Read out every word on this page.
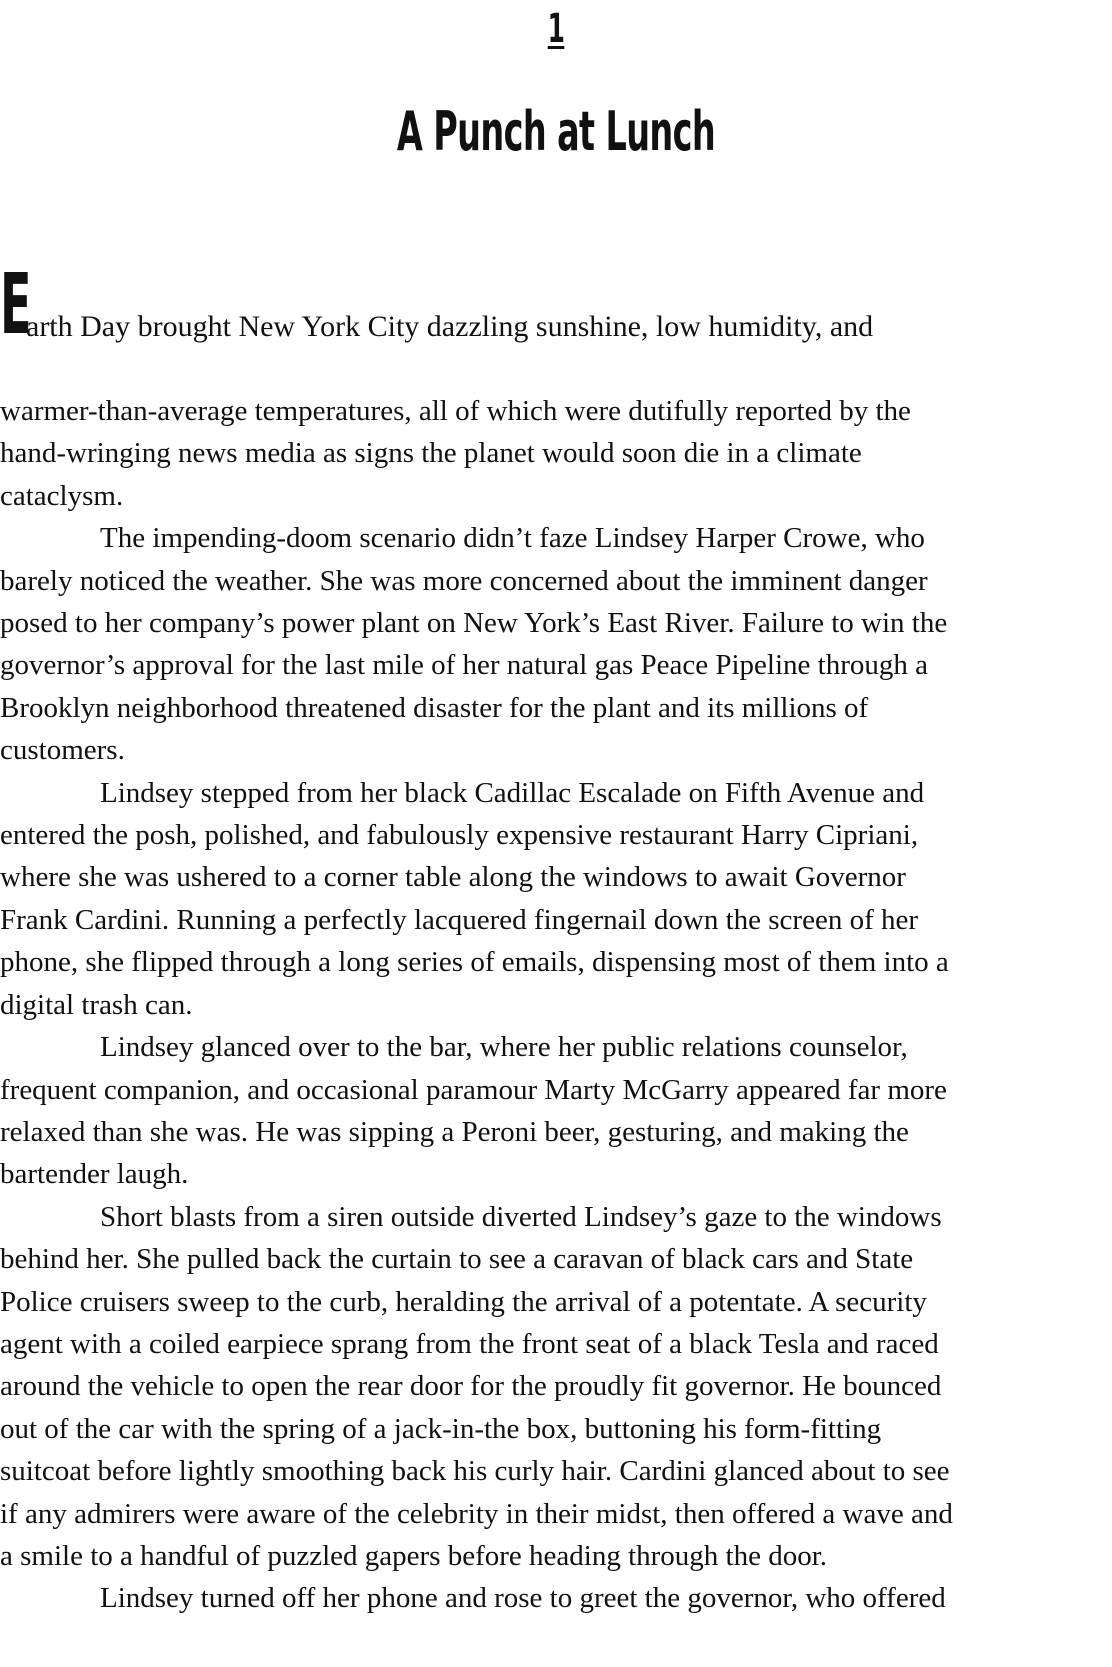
1
A Punch at Lunch
E
arth Day brought New York City dazzling sunshine, low humidity, and
warmer-than-average temperatures, all of which were dutifully reported by the
hand-wringing news media as signs the planet would soon die in a climate
cataclysm.
The impending-doom scenario didn’t faze Lindsey Harper Crowe, who
barely noticed the weather. She was more concerned about the imminent danger
posed to her company’s power plant on New York’s East River. Failure to win the
governor’s approval for the last mile of her natural gas Peace Pipeline through a
Brooklyn neighborhood threatened disaster for the plant and its millions of
customers.
Lindsey stepped from her black Cadillac Escalade on Fifth Avenue and
entered the posh, polished, and fabulously expensive restaurant Harry Cipriani,
where she was ushered to a corner table along the windows to await Governor
Frank Cardini. Running a perfectly lacquered fingernail down the screen of her
phone, she flipped through a long series of emails, dispensing most of them into a
digital trash can.
Lindsey glanced over to the bar, where her public relations counselor,
frequent companion, and occasional paramour Marty McGarry appeared far more
relaxed than she was. He was sipping a Peroni beer, gesturing, and making the
bartender laugh.
Short blasts from a siren outside diverted Lindsey’s gaze to the windows
behind her. She pulled back the curtain to see a caravan of black cars and State
Police cruisers sweep to the curb, heralding the arrival of a potentate. A security
agent with a coiled earpiece sprang from the front seat of a black Tesla and raced
around the vehicle to open the rear door for the proudly fit governor. He bounced
out of the car with the spring of a jack-in-the box, buttoning his form-fitting
suitcoat before lightly smoothing back his curly hair. Cardini glanced about to see
if any admirers were aware of the celebrity in their midst, then offered a wave and
a smile to a handful of puzzled gapers before heading through the door.
Lindsey turned off her phone and rose to greet the governor, who offered
